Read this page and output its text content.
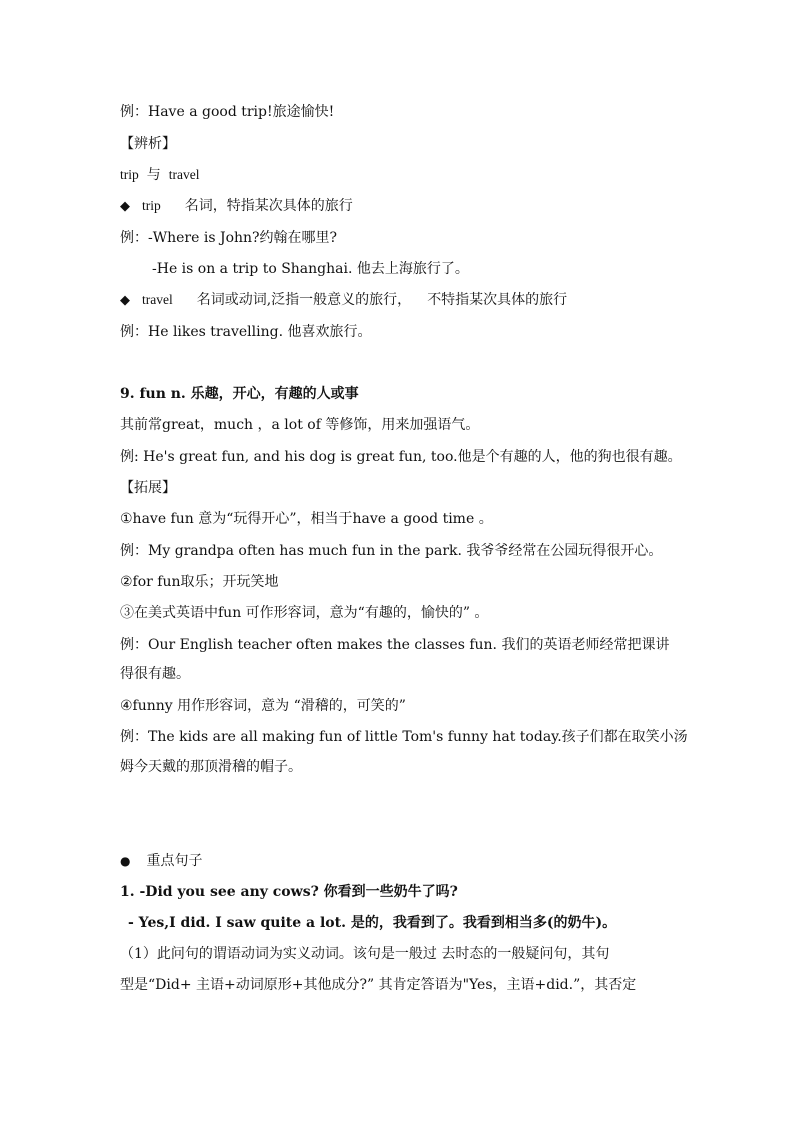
例：Have a good trip!旅途愉快!
【辨析】
trip 与 travel
◆ trip 名词，特指某次具体的旅行
例：-Where is John?约翰在哪里?
-He is on a trip to Shanghai. 他去上海旅行了。
◆ travel 名词或动词,泛指一般意义的旅行， 不特指某次具体的旅行
例：He likes travelling. 他喜欢旅行。
9. fun n. 乐趣，开心，有趣的人或事
其前常great，much ，a lot of 等修饰，用来加强语气。
例: He's great fun, and his dog is great fun, too.他是个有趣的人，他的狗也很有趣。
【拓展】
①have fun 意为“玩得开心”，相当于have a good time 。
例：My grandpa often has much fun in the park. 我爷爷经常在公园玩得很开心。
②for fun取乐；开玩笑地
③在美式英语中fun 可作形容词，意为“有趣的，愉快的” 。
例：Our English teacher often makes the classes fun. 我们的英语老师经常把课讲
得很有趣。
④funny 用作形容词，意为 “滑稽的，可笑的”
例：The kids are all making fun of little Tom's funny hat today.孩子们都在取笑小汤
姆今天戴的那顶滑稽的帽子。
● 重点句子
1. -Did you see any cows? 你看到一些奶牛了吗?
- Yes,I did. I saw quite a lot. 是的，我看到了。我看到相当多(的奶牛)。
（1）此问句的谓语动词为实义动词。该句是一般过 去时态的一般疑问句，其句
型是“Did+ 主语+动词原形+其他成分?” 其肯定答语为"Yes，主语+did.”，其否定
